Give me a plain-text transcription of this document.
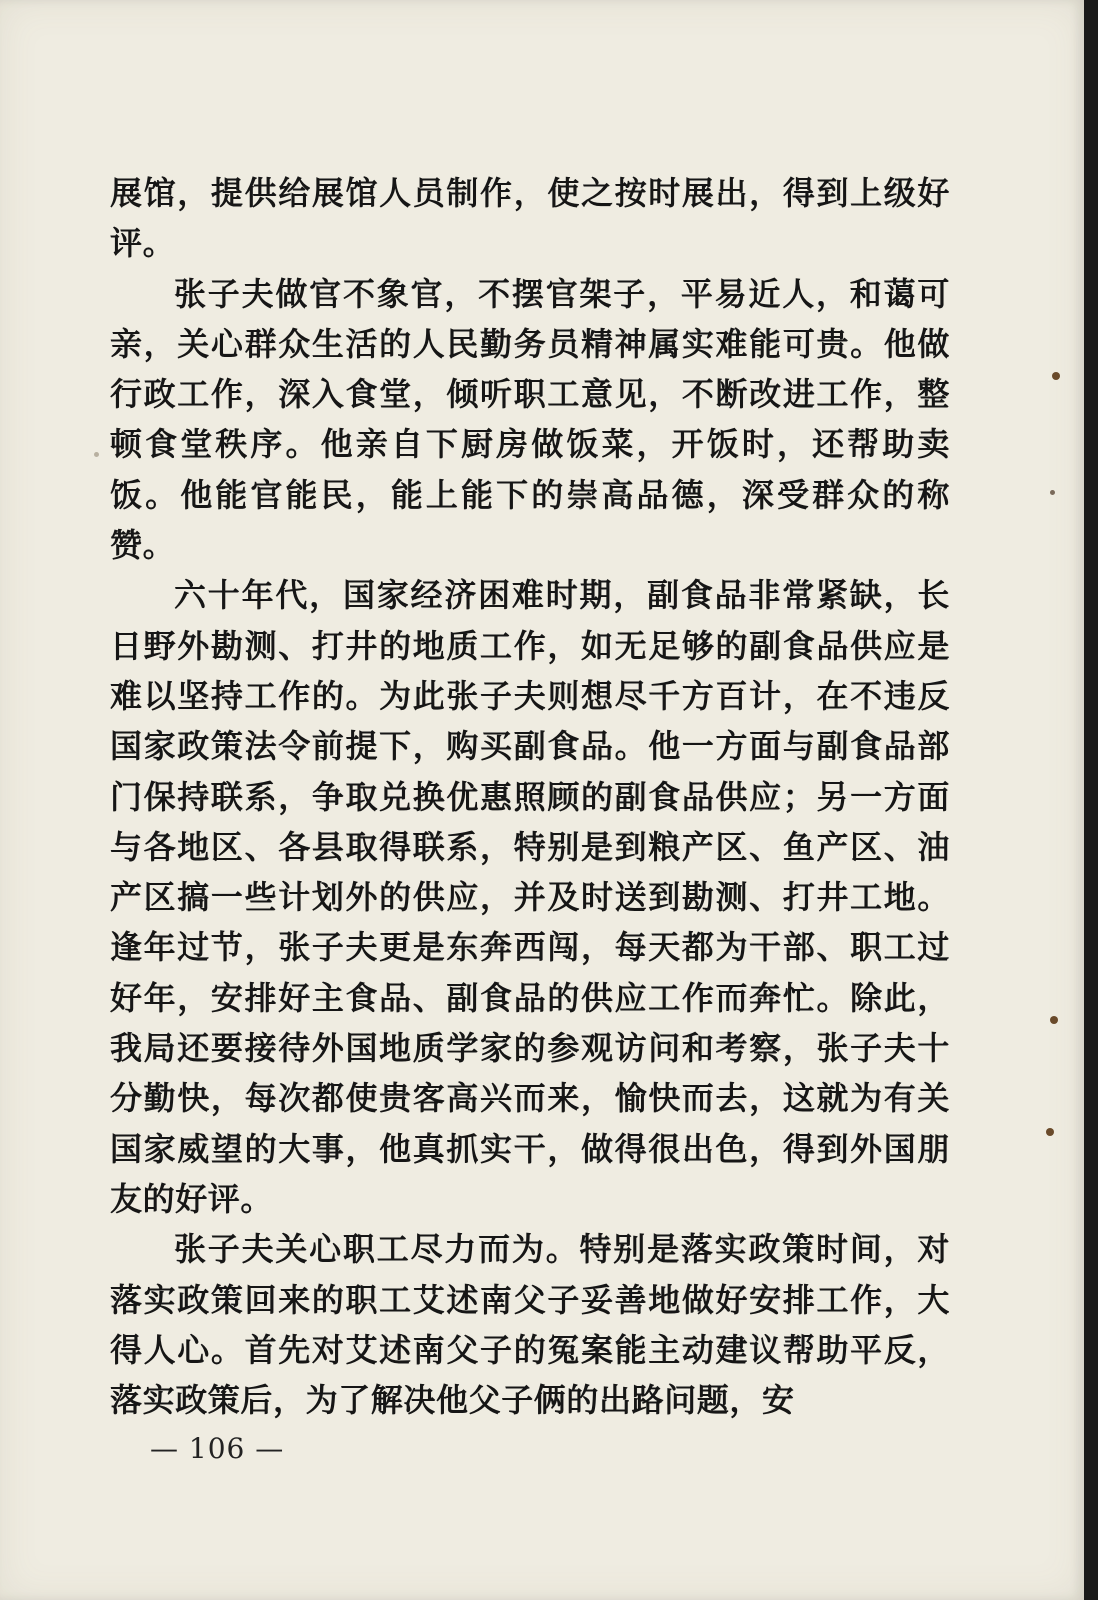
展馆，提供给展馆人员制作，使之按时展出，得到上级好评。

张子夫做官不象官，不摆官架子，平易近人，和蔼可亲，关心群众生活的人民勤务员精神属实难能可贵。他做行政工作，深入食堂，倾听职工意见，不断改进工作，整顿食堂秩序。他亲自下厨房做饭菜，开饭时，还帮助卖饭。他能官能民，能上能下的崇高品德，深受群众的称赞。

六十年代，国家经济困难时期，副食品非常紧缺，长日野外勘测、打井的地质工作，如无足够的副食品供应是难以坚持工作的。为此张子夫则想尽千方百计，在不违反国家政策法令前提下，购买副食品。他一方面与副食品部门保持联系，争取兑换优惠照顾的副食品供应；另一方面与各地区、各县取得联系，特别是到粮产区、鱼产区、油产区搞一些计划外的供应，并及时送到勘测、打井工地。逢年过节，张子夫更是东奔西闯，每天都为干部、职工过好年，安排好主食品、副食品的供应工作而奔忙。除此，我局还要接待外国地质学家的参观访问和考察，张子夫十分勤快，每次都使贵客高兴而来，愉快而去，这就为有关国家威望的大事，他真抓实干，做得很出色，得到外国朋友的好评。

张子夫关心职工尽力而为。特别是落实政策时间，对落实政策回来的职工艾述南父子妥善地做好安排工作，大得人心。首先对艾述南父子的冤案能主动建议帮助平反，落实政策后，为了解决他父子俩的出路问题，安

— 106 —
